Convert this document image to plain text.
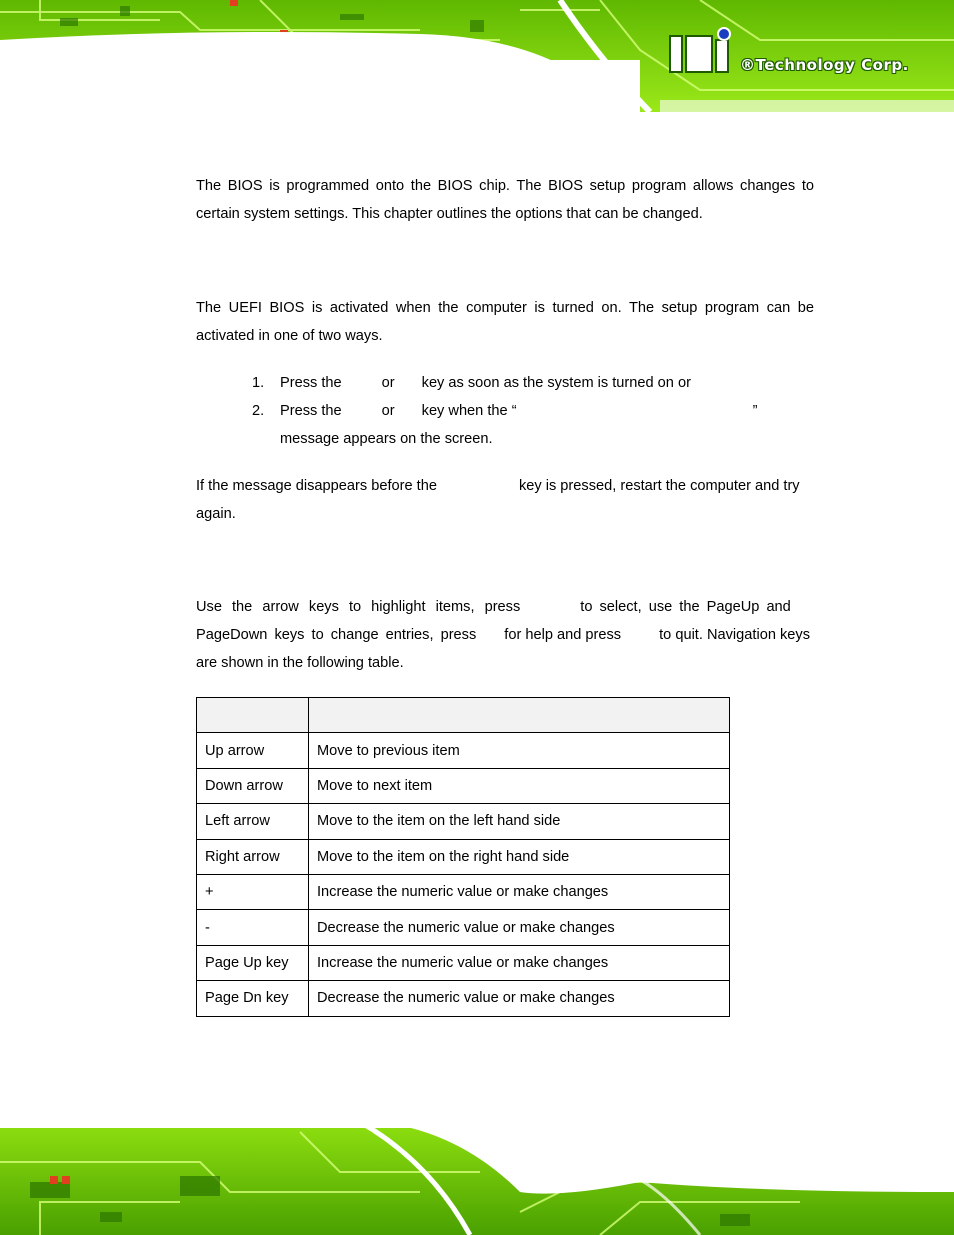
®Technology Corp.

The BIOS is programmed onto the BIOS chip. The BIOS setup program allows changes to certain system settings. This chapter outlines the options that can be changed.

The UEFI BIOS is activated when the computer is turned on. The setup program can be activated in one of two ways.

1. Press the	or key as soon as the system is turned on or
2. Press the	or key when the “	”
message appears on the screen.

If the message disappears before the	key is pressed, restart the computer and try again.

Use the arrow keys to highlight items, press	to select, use the PageUp and PageDown keys to change entries, press for help and press	to quit. Navigation keys are shown in the following table.

Up arrow	Move to previous item
Down arrow	Move to next item
Left arrow	Move to the item on the left hand side
Right arrow	Move to the item on the right hand side
+	Increase the numeric value or make changes
-	Decrease the numeric value or make changes
Page Up key	Increase the numeric value or make changes
Page Dn key	Decrease the numeric value or make changes
